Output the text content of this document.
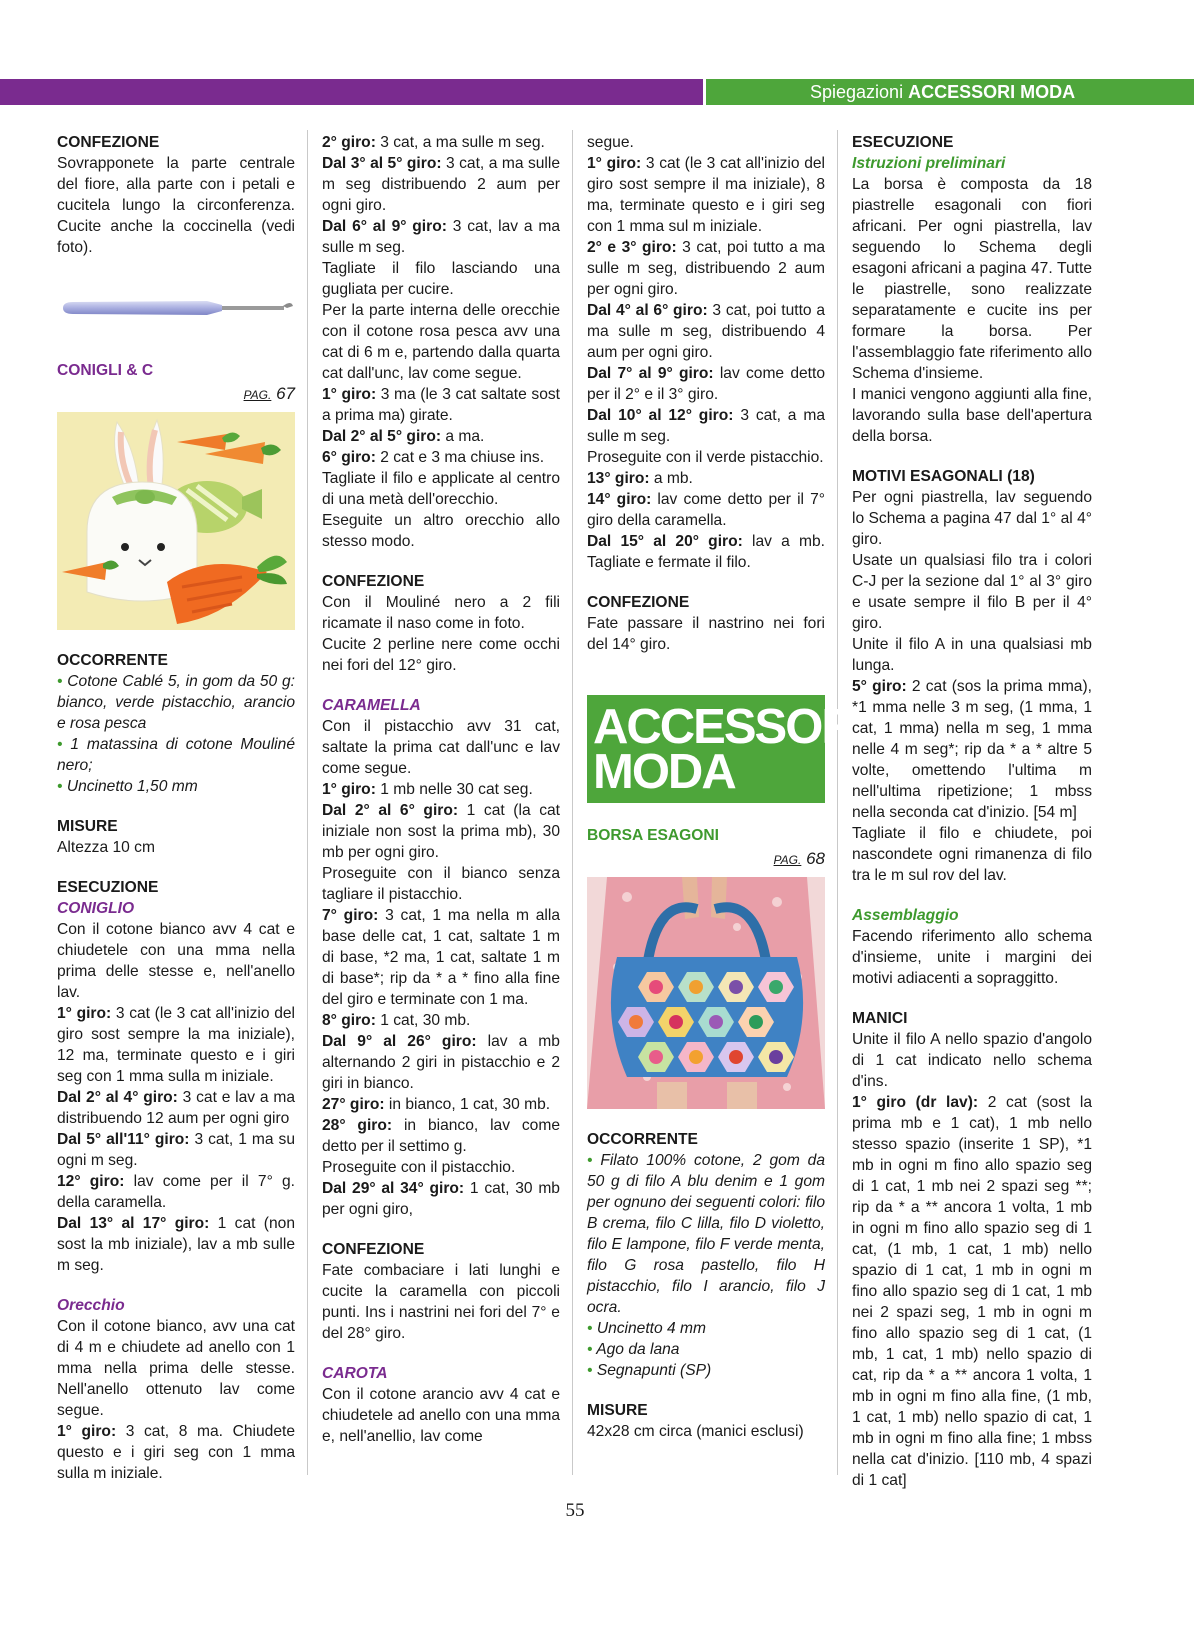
Spiegazioni ACCESSORI MODA
CONFEZIONE

Sovrapponete la parte centrale del fiore, alla parte con i petali e cucitela lungo la circonferenza. Cucite anche la coccinella (vedi foto).

CONIGLI & C
PAG. 67
OCCORRENTE

• Cotone Cablé 5, in gom da 50 g: bianco, verde pistacchio, arancio e rosa pesca

• 1 matassina di cotone Mouliné nero;

• Uncinetto 1,50 mm

MISURE

Altezza 10 cm

ESECUZIONE
CONIGLIO

Con il cotone bianco avv 4 cat e chiudetele con una mma nella prima delle stesse e, nell'anello lav.

1° giro: 3 cat (le 3 cat all'inizio del giro sost sempre la ma iniziale), 12 ma, terminate questo e i giri seg con 1 mma sulla m iniziale.

Dal 2° al 4° giro: 3 cat e lav a ma distribuendo 12 aum per ogni giro

Dal 5° all'11° giro: 3 cat, 1 ma su ogni m seg.

12° giro: lav come per il 7° g. della caramella.

Dal 13° al 17° giro: 1 cat (non sost la mb iniziale), lav a mb sulle m seg.

Orecchio

Con il cotone bianco, avv una cat di 4 m e chiudete ad anello con 1 mma nella prima delle stesse. Nell'anello ottenuto lav come segue.

1° giro: 3 cat, 8 ma. Chiudete questo e i giri seg con 1 mma sulla m iniziale.

2° giro: 3 cat, a ma sulle m seg.

Dal 3° al 5° giro: 3 cat, a ma sulle m seg distribuendo 2 aum per ogni giro.

Dal 6° al 9° giro: 3 cat, lav a ma sulle m seg.

Tagliate il filo lasciando una gugliata per cucire.

Per la parte interna delle orecchie con il cotone rosa pesca avv una cat di 6 m e, partendo dalla quarta cat dall'unc, lav come segue.

1° giro: 3 ma (le 3 cat saltate sost a prima ma) girate.

Dal 2° al 5° giro: a ma.

6° giro: 2 cat e 3 ma chiuse ins.

Tagliate il filo e applicate al centro di una metà dell'orecchio.

Eseguite un altro orecchio allo stesso modo.

CONFEZIONE

Con il Mouliné nero a 2 fili ricamate il naso come in foto.

Cucite 2 perline nere come occhi nei fori del 12° giro.

CARAMELLA

Con il pistacchio avv 31 cat, saltate la prima cat dall'unc e lav come segue.

1° giro: 1 mb nelle 30 cat seg.

Dal 2° al 6° giro: 1 cat (la cat iniziale non sost la prima mb), 30 mb per ogni giro.

Proseguite con il bianco senza tagliare il pistacchio.

7° giro: 3 cat, 1 ma nella m alla base delle cat, 1 cat, saltate 1 m di base, *2 ma, 1 cat, saltate 1 m di base*; rip da * a * fino alla fine del giro e terminate con 1 ma.

8° giro: 1 cat, 30 mb.

Dal 9° al 26° giro: lav a mb alternando 2 giri in pistacchio e 2 giri in bianco.

27° giro: in bianco, 1 cat, 30 mb.

28° giro: in bianco, lav come detto per il settimo g.

Proseguite con il pistacchio.

Dal 29° al 34° giro: 1 cat, 30 mb per ogni giro,

CONFEZIONE

Fate combaciare i lati lunghi e cucite la caramella con piccoli punti. Ins i nastrini nei fori del 7° e del 28° giro.

CAROTA

Con il cotone arancio avv 4 cat e chiudetele ad anello con una mma e, nell'anellio, lav come

segue.

1° giro: 3 cat (le 3 cat all'inizio del giro sost sempre il ma iniziale), 8 ma, terminate questo e i giri seg con 1 mma sul m iniziale.

2° e 3° giro: 3 cat, poi tutto a ma sulle m seg, distribuendo 2 aum per ogni giro.

Dal 4° al 6° giro: 3 cat, poi tutto a ma sulle m seg, distribuendo 4 aum per ogni giro.

Dal 7° al 9° giro: lav come detto per il 2° e il 3° giro.

Dal 10° al 12° giro: 3 cat, a ma sulle m seg.

Proseguite con il verde pistacchio.

13° giro: a mb.

14° giro: lav come detto per il 7° giro della caramella.

Dal 15° al 20° giro: lav a mb. Tagliate e fermate il filo.

CONFEZIONE

Fate passare il nastrino nei fori del 14° giro.

ACCESSORI
MODA
BORSA ESAGONI
PAG. 68
OCCORRENTE

• Filato 100% cotone, 2 gom da 50 g di filo A blu denim e 1 gom per ognuno dei seguenti colori: filo B crema, filo C lilla, filo D violetto, filo E lampone, filo F verde menta, filo G rosa pastello, filo H pistacchio, filo I arancio, filo J ocra.

• Uncinetto 4 mm

• Ago da lana

• Segnapunti (SP)

MISURE

42x28 cm circa (manici esclusi)

ESECUZIONE
Istruzioni preliminari

La borsa è composta da 18 piastrelle esagonali con fiori africani. Per ogni piastrella, lav seguendo lo Schema degli esagoni africani a pagina 47. Tutte le piastrelle, sono realizzate separatamente e cucite ins per formare la borsa. Per l'assemblaggio fate riferimento allo Schema d'insieme.

I manici vengono aggiunti alla fine, lavorando sulla base dell'apertura della borsa.

MOTIVI ESAGONALI (18)

Per ogni piastrella, lav seguendo lo Schema a pagina 47 dal 1° al 4° giro.

Usate un qualsiasi filo tra i colori C-J per la sezione dal 1° al 3° giro e usate sempre il filo B per il 4° giro.

Unite il filo A in una qualsiasi mb lunga.

5° giro: 2 cat (sos la prima mma), *1 mma nelle 3 m seg, (1 mma, 1 cat, 1 mma) nella m seg, 1 mma nelle 4 m seg*; rip da * a * altre 5 volte, omettendo l'ultima m nell'ultima ripetizione; 1 mbss nella seconda cat d'inizio. [54 m]

Tagliate il filo e chiudete, poi nascondete ogni rimanenza di filo tra le m sul rov del lav.

Assemblaggio

Facendo riferimento allo schema d'insieme, unite i margini dei motivi adiacenti a sopraggitto.

MANICI

Unite il filo A nello spazio d'angolo di 1 cat indicato nello schema d'ins.

1° giro (dr lav): 2 cat (sost la prima mb e 1 cat), 1 mb nello stesso spazio (inserite 1 SP), *1 mb in ogni m fino allo spazio seg di 1 cat, 1 mb nei 2 spazi seg **; rip da * a ** ancora 1 volta, 1 mb in ogni m fino allo spazio seg di 1 cat, (1 mb, 1 cat, 1 mb) nello spazio di 1 cat, 1 mb in ogni m fino allo spazio seg di 1 cat, 1 mb nei 2 spazi seg, 1 mb in ogni m fino allo spazio seg di 1 cat, (1 mb, 1 cat, 1 mb) nello spazio di cat, rip da * a ** ancora 1 volta, 1 mb in ogni m fino alla fine, (1 mb, 1 cat, 1 mb) nello spazio di cat, 1 mb in ogni m fino alla fine; 1 mbss nella cat d'inizio. [110 mb, 4 spazi di 1 cat]

55
